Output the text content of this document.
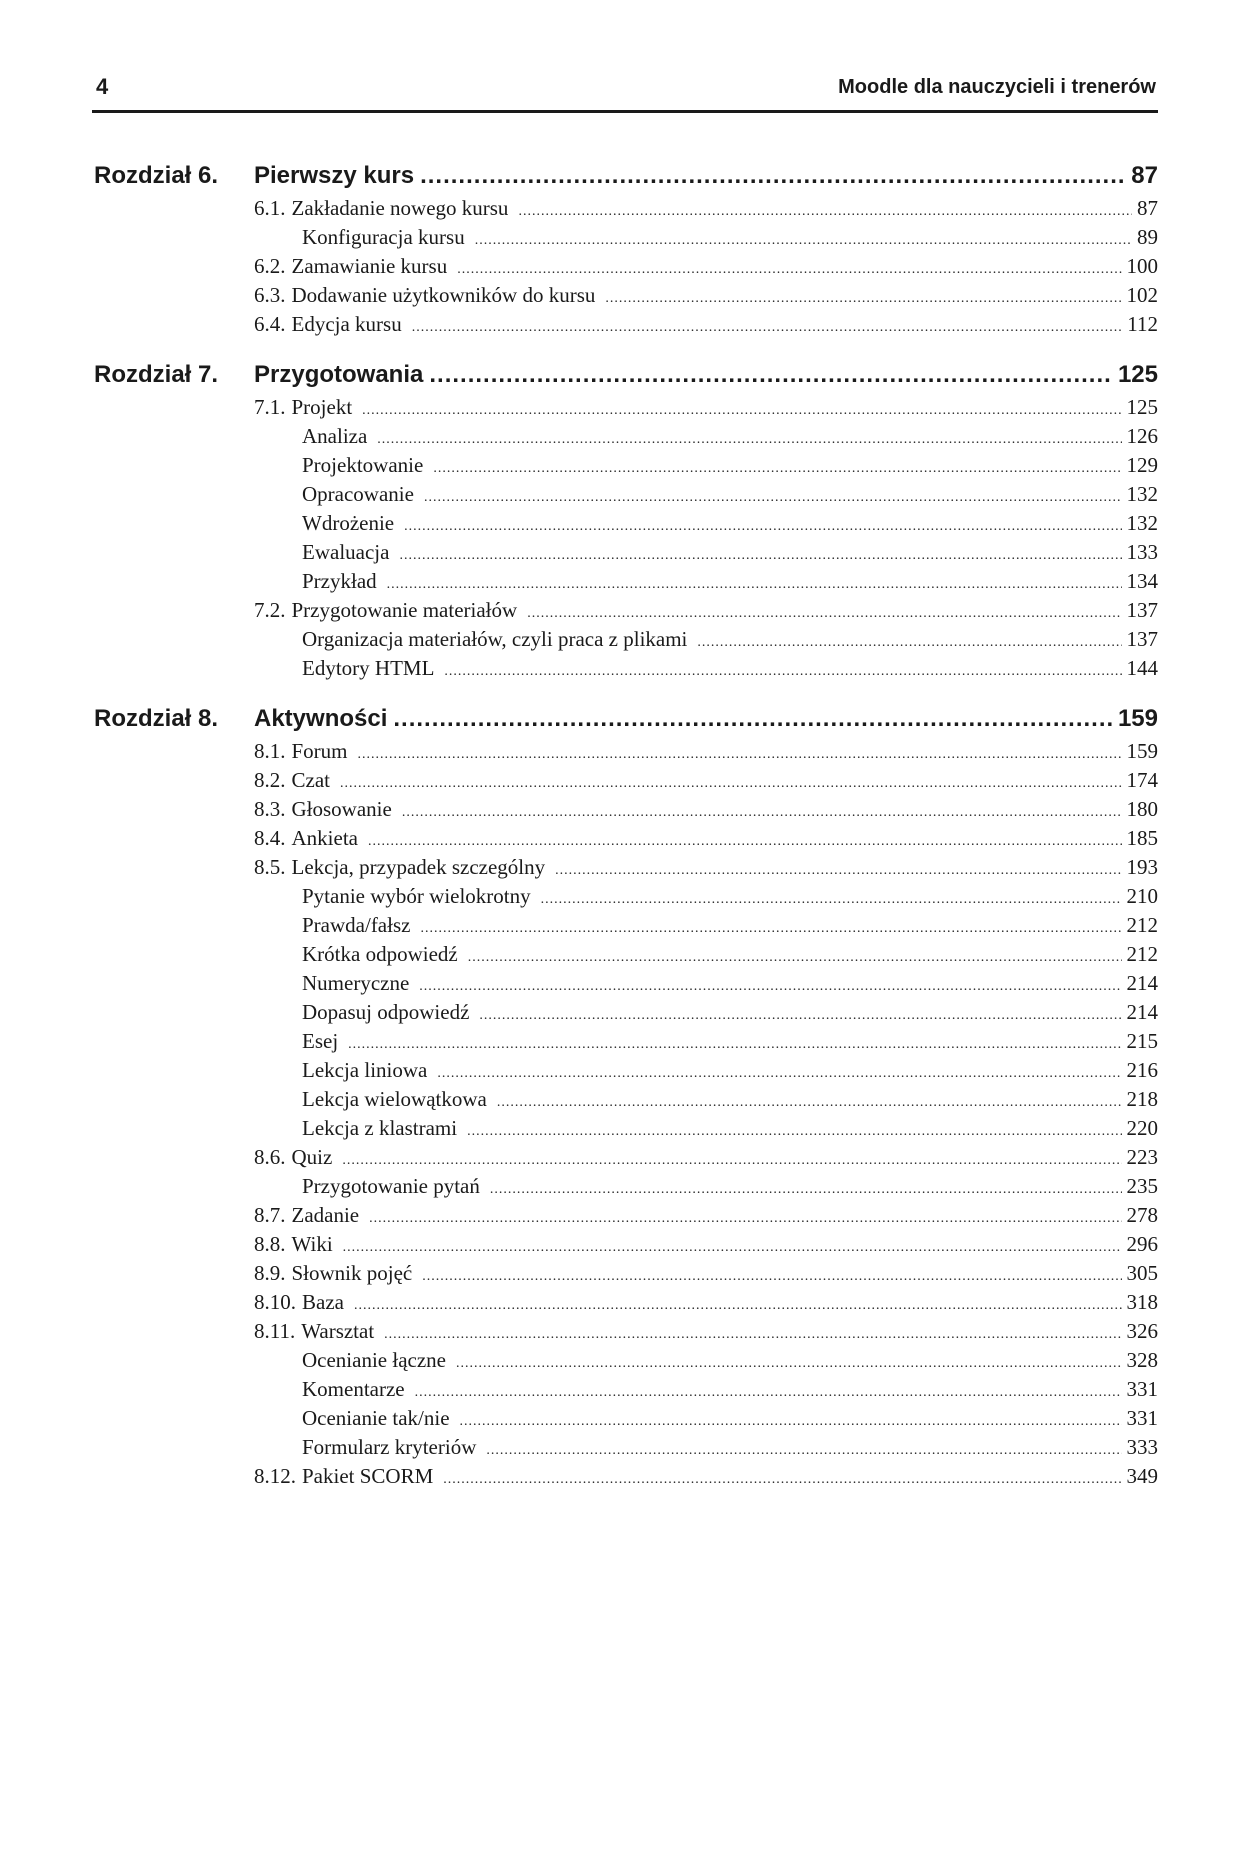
4	Moodle dla nauczycieli i trenerów
Rozdział 6. Pierwszy kurs .....	87
6.1. Zakładanie nowego kursu .....	87
Konfiguracja kursu .....	89
6.2. Zamawianie kursu .....	100
6.3. Dodawanie użytkowników do kursu .....	102
6.4. Edycja kursu .....	112
Rozdział 7. Przygotowania .....	125
7.1. Projekt .....	125
Analiza .....	126
Projektowanie .....	129
Opracowanie .....	132
Wdrożenie .....	132
Ewaluacja .....	133
Przykład .....	134
7.2. Przygotowanie materiałów .....	137
Organizacja materiałów, czyli praca z plikami .....	137
Edytory HTML .....	144
Rozdział 8. Aktywności .....	159
8.1. Forum .....	159
8.2. Czat .....	174
8.3. Głosowanie .....	180
8.4. Ankieta .....	185
8.5. Lekcja, przypadek szczególny .....	193
Pytanie wybór wielokrotny .....	210
Prawda/fałsz .....	212
Krótka odpowiedź .....	212
Numeryczne .....	214
Dopasuj odpowiedź .....	214
Esej .....	215
Lekcja liniowa .....	216
Lekcja wielowątkowa .....	218
Lekcja z klastrami .....	220
8.6. Quiz .....	223
Przygotowanie pytań .....	235
8.7. Zadanie .....	278
8.8. Wiki .....	296
8.9. Słownik pojęć .....	305
8.10. Baza .....	318
8.11. Warsztat .....	326
Ocenianie łączne .....	328
Komentarze .....	331
Ocenianie tak/nie .....	331
Formularz kryteriów .....	333
8.12. Pakiet SCORM .....	349
